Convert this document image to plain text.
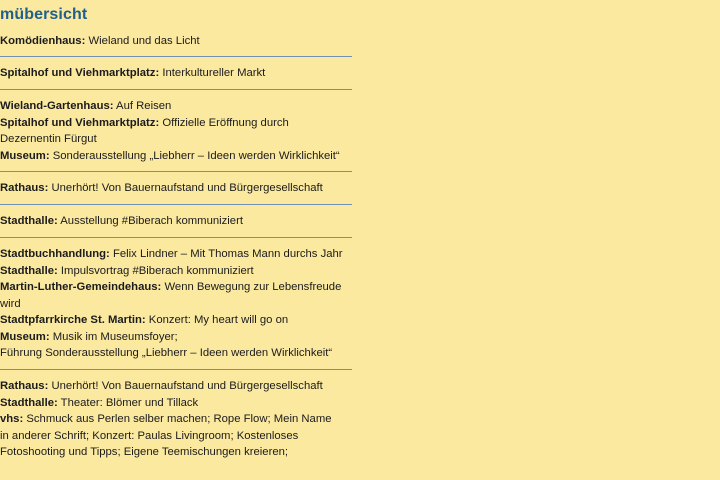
mübersicht
Komödienhaus: Wieland und das Licht
Spitalhof und Viehmarktplatz: Interkultureller Markt
Wieland-Gartenhaus: Auf Reisen
Spitalhof und Viehmarktplatz: Offizielle Eröffnung durch
Dezernentin Fürgut
Museum: Sonderausstellung „Liebherr – Ideen werden Wirklichkeit“
Rathaus: Unerhört! Von Bauernaufstand und Bürgergesellschaft
Stadthalle: Ausstellung #Biberach kommuniziert
Stadtbuchhandlung: Felix Lindner – Mit Thomas Mann durchs Jahr
Stadthalle: Impulsvortrag #Biberach kommuniziert
Martin-Luther-Gemeindehaus: Wenn Bewegung zur Lebensfreude
wird
Stadtpfarrkirche St. Martin: Konzert: My heart will go on
Museum: Musik im Museumsfoyer;
Führung Sonderausstellung „Liebherr – Ideen werden Wirklichkeit“
Rathaus: Unerhört! Von Bauernaufstand und Bürgergesellschaft
Stadthalle: Theater: Blömer und Tillack
vhs: Schmuck aus Perlen selber machen; Rope Flow; Mein Name
in anderer Schrift; Konzert: Paulas Livingroom; Kostenloses
Fotoshooting und Tipps; Eigene Teemischungen kreieren;
